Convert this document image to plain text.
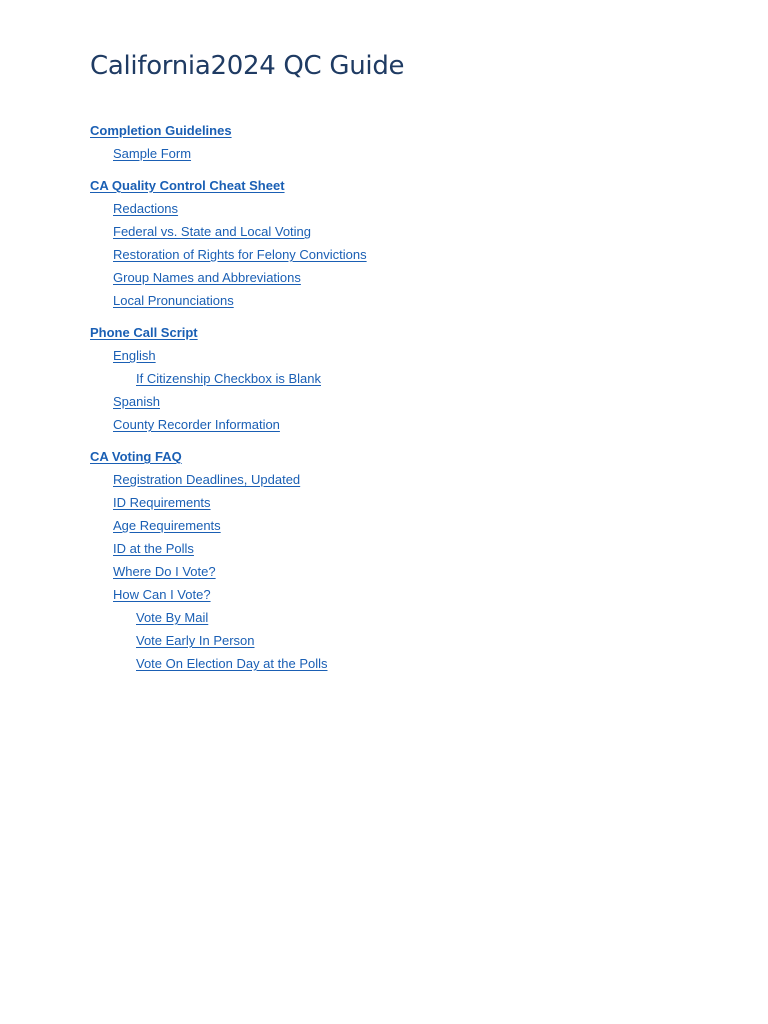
California2024 QC Guide
Completion Guidelines
Sample Form
CA Quality Control Cheat Sheet
Redactions
Federal vs. State and Local Voting
Restoration of Rights for Felony Convictions
Group Names and Abbreviations
Local Pronunciations
Phone Call Script
English
If Citizenship Checkbox is Blank
Spanish
County Recorder Information
CA Voting FAQ
Registration Deadlines, Updated
ID Requirements
Age Requirements
ID at the Polls
Where Do I Vote?
How Can I Vote?
Vote By Mail
Vote Early In Person
Vote On Election Day at the Polls
